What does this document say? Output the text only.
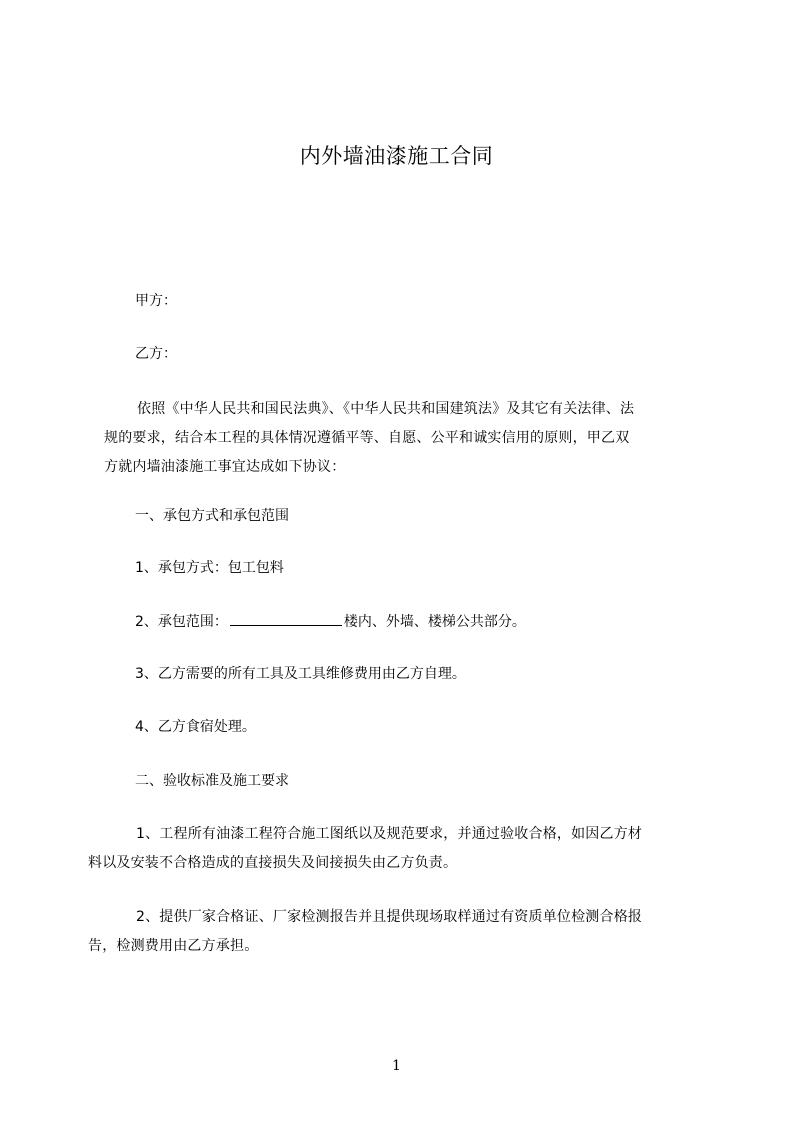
内外墙油漆施工合同

甲方：

乙方：

依照《中华人民共和国民法典》、《中华人民共和国建筑法》及其它有关法律、法
规的要求，结合本工程的具体情况遵循平等、自愿、公平和诚实信用的原则，甲乙双
方就内墙油漆施工事宜达成如下协议：

一、承包方式和承包范围

1、承包方式：包工包料

2、承包范围：	楼内、外墙、楼梯公共部分。

3、乙方需要的所有工具及工具维修费用由乙方自理。

4、乙方食宿处理。

二、验收标准及施工要求

1、工程所有油漆工程符合施工图纸以及规范要求，并通过验收合格，如因乙方材
料以及安装不合格造成的直接损失及间接损失由乙方负责。
2、提供厂家合格证、厂家检测报告并且提供现场取样通过有资质单位检测合格报
告，检测费用由乙方承担。
1
